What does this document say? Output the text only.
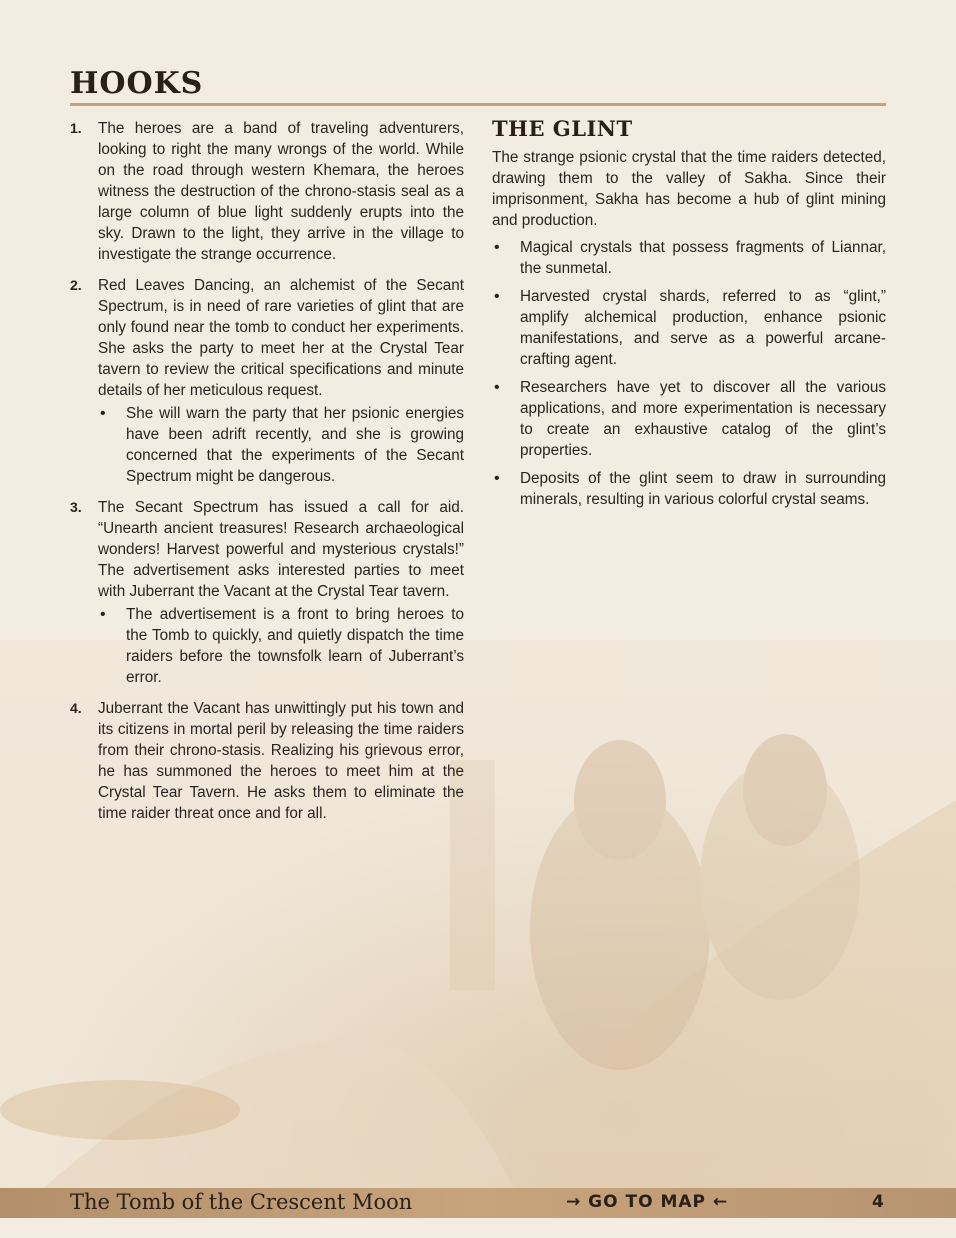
HOOKS
1. The heroes are a band of traveling adventurers, looking to right the many wrongs of the world. While on the road through western Khemara, the heroes witness the destruction of the chrono-stasis seal as a large column of blue light suddenly erupts into the sky. Drawn to the light, they arrive in the village to investigate the strange occurrence.
2. Red Leaves Dancing, an alchemist of the Secant Spectrum, is in need of rare varieties of glint that are only found near the tomb to conduct her experiments. She asks the party to meet her at the Crystal Tear tavern to review the critical specifications and minute details of her meticulous request.
• She will warn the party that her psionic energies have been adrift recently, and she is growing concerned that the experiments of the Secant Spectrum might be dangerous.
3. The Secant Spectrum has issued a call for aid. “Unearth ancient treasures! Research archaeological wonders! Harvest powerful and mysterious crystals!” The advertisement asks interested parties to meet with Juberrant the Vacant at the Crystal Tear tavern.
• The advertisement is a front to bring heroes to the Tomb to quickly, and quietly dispatch the time raiders before the townsfolk learn of Juberrant’s error.
4. Juberrant the Vacant has unwittingly put his town and its citizens in mortal peril by releasing the time raiders from their chrono-stasis. Realizing his grievous error, he has summoned the heroes to meet him at the Crystal Tear Tavern. He asks them to eliminate the time raider threat once and for all.
THE GLINT

The strange psionic crystal that the time raiders detected, drawing them to the valley of Sakha. Since their imprisonment, Sakha has become a hub of glint mining and production.

• Magical crystals that possess fragments of Liannar, the sunmetal.
• Harvested crystal shards, referred to as “glint,” amplify alchemical production, enhance psionic manifestations, and serve as a powerful arcane-crafting agent.
• Researchers have yet to discover all the various applications, and more experimentation is necessary to create an exhaustive catalog of the glint’s properties.
• Deposits of the glint seem to draw in surrounding minerals, resulting in various colorful crystal seams.
The Tomb of the Crescent Moon	→ GO TO MAP ←	4
